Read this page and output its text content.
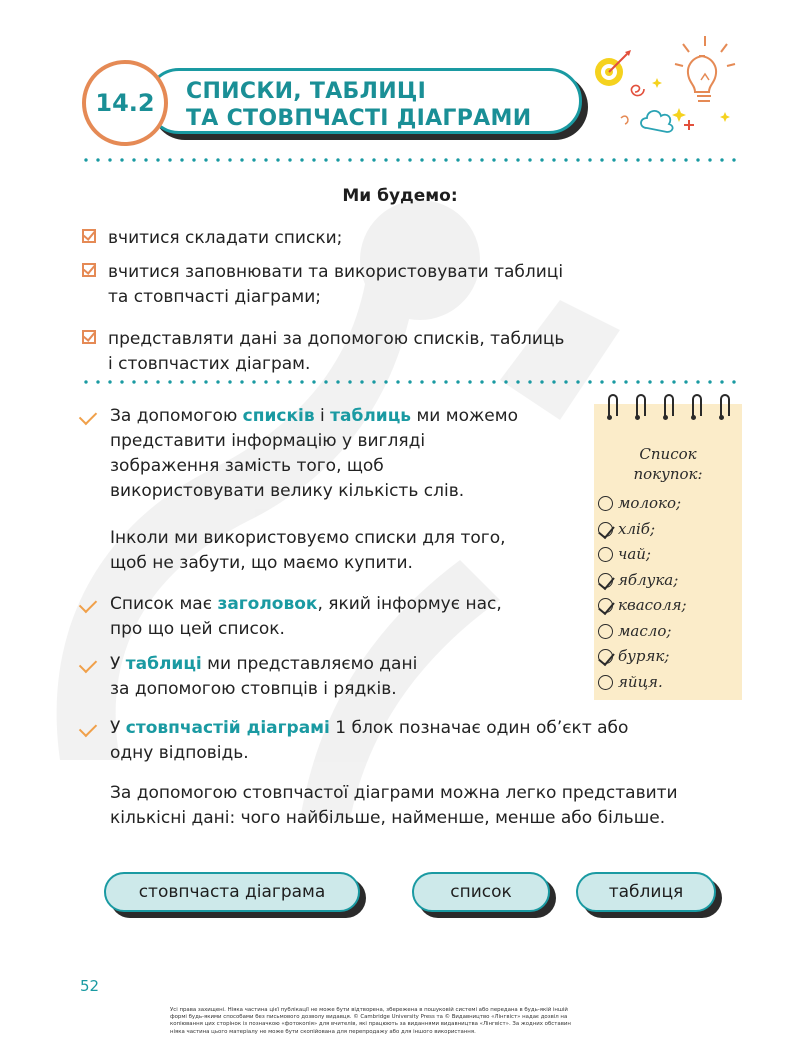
14.2 СПИСКИ, ТАБЛИЦІ
ТА СТОВПЧАСТІ ДІАГРАМИ
Ми будемо:
вчитися складати списки;
вчитися заповнювати та використовувати таблиці
та стовпчасті діаграми;
представляти дані за допомогою списків, таблиць
і стовпчастих діаграм.
За допомогою списків і таблиць ми можемо
представити інформацію у вигляді
зображення замість того, щоб
використовувати велику кількість слів.
Інколи ми використовуємо списки для того,
щоб не забути, що маємо купити.
Список має заголовок, який інформує нас,
про що цей список.
У таблиці ми представляємо дані
за допомогою стовпців і рядків.
У стовпчастій діаграмі 1 блок позначає один об’єкт або
одну відповідь.
За допомогою стовпчастої діаграми можна легко представити
кількісні дані: чого найбільше, найменше, менше або більше.
Список
покупок:
молоко;
хліб;
чай;
яблука;
квасоля;
масло;
буряк;
яйця.
стовпчаста діаграма	список	таблиця
52
Усі права захищені. Ніяка частина цієї публікації не може бути відтворена, збережена в пошуковій системі або передана в будь-якій іншій
формі будь-якими способами без письмового дозволу видавця. © Cambridge University Press та © Видавництво «Лінгвіст» надає дозвіл на
копіювання цих сторінок із позначкою «фотокопія» для вчителів, які працюють за виданнями видавництва «Лінгвіст». За жодних обставин
ніяка частина цього матеріалу не може бути скопійована для перепродажу або для іншого використання.
